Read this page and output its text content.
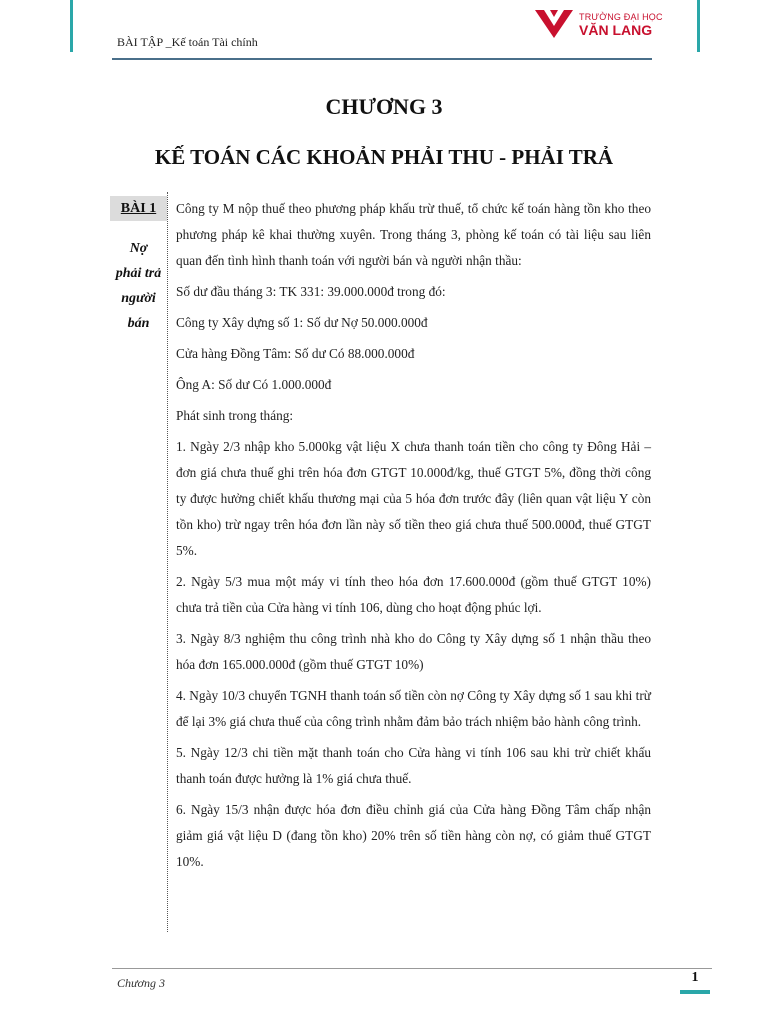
BÀI TẬP _Kế toán Tài chính
TRƯỜNG ĐẠI HỌC
VĂN LANG
CHƯƠNG 3
KẾ TOÁN CÁC KHOẢN PHẢI THU - PHẢI TRẢ
BÀI 1
Nợ
phải trả
người
bán

Công ty M nộp thuế theo phương pháp khấu trừ thuế, tổ chức kế toán hàng tồn kho theo phương pháp kê khai thường xuyên. Trong tháng 3, phòng kế toán có tài liệu sau liên quan đến tình hình thanh toán với người bán và người nhận thầu:

Số dư đầu tháng 3: TK 331: 39.000.000đ trong đó:

Công ty Xây dựng số 1: Số dư Nợ 50.000.000đ

Cửa hàng Đồng Tâm: Số dư Có 88.000.000đ

Ông A: Số dư Có 1.000.000đ

Phát sinh trong tháng:

1. Ngày 2/3 nhập kho 5.000kg vật liệu X chưa thanh toán tiền cho công ty Đông Hải – đơn giá chưa thuế ghi trên hóa đơn GTGT 10.000đ/kg, thuế GTGT 5%, đồng thời công ty được hưởng chiết khấu thương mại của 5 hóa đơn trước đây (liên quan vật liệu Y còn tồn kho) trừ ngay trên hóa đơn lần này số tiền theo giá chưa thuế 500.000đ, thuế GTGT 5%.

2. Ngày 5/3 mua một máy vi tính theo hóa đơn 17.600.000đ (gồm thuế GTGT 10%) chưa trả tiền của Cửa hàng vi tính 106, dùng cho hoạt động phúc lợi.

3. Ngày 8/3 nghiệm thu công trình nhà kho do Công ty Xây dựng số 1 nhận thầu theo hóa đơn 165.000.000đ (gồm thuế GTGT 10%)

4. Ngày 10/3 chuyển TGNH thanh toán số tiền còn nợ Công ty Xây dựng số 1 sau khi trừ để lại 3% giá chưa thuế của công trình nhằm đảm bảo trách nhiệm bảo hành công trình.

5. Ngày 12/3 chi tiền mặt thanh toán cho Cửa hàng vi tính 106 sau khi trừ chiết khấu thanh toán được hưởng là 1% giá chưa thuế.

6. Ngày 15/3 nhận được hóa đơn điều chỉnh giá của Cửa hàng Đồng Tâm chấp nhận giảm giá vật liệu D (đang tồn kho) 20% trên số tiền hàng còn nợ, có giảm thuế GTGT 10%.

Chương 3	1
